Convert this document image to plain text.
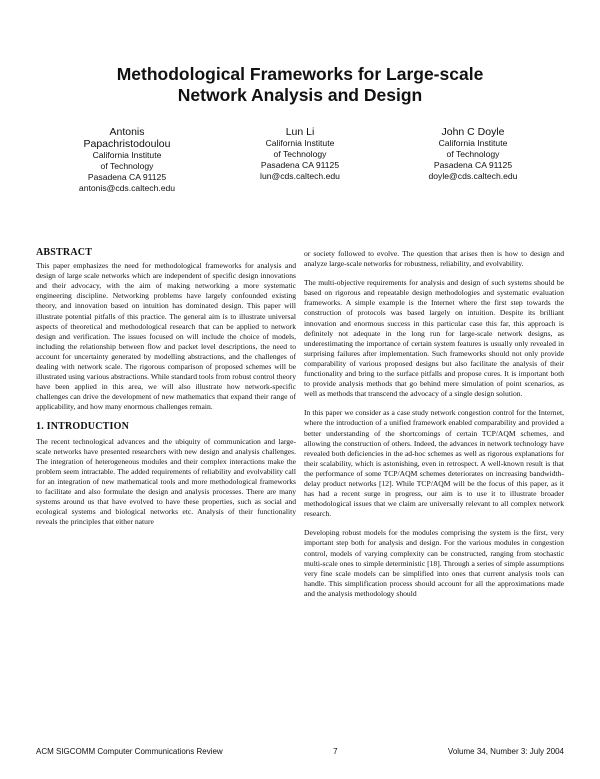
Methodological Frameworks for Large-scale
Network Analysis and Design
Antonis
Papachristodoulou
California Institute
of Technology
Pasadena CA 91125
antonis@cds.caltech.edu
Lun Li
California Institute
of Technology
Pasadena CA 91125
lun@cds.caltech.edu
John C Doyle
California Institute
of Technology
Pasadena CA 91125
doyle@cds.caltech.edu
ABSTRACT

This paper emphasizes the need for methodological frameworks for analysis and design of large scale networks which are independent of specific design innovations and their advocacy, with the aim of making networking a more systematic engineering discipline. Networking problems have largely confounded existing theory, and innovation based on intuition has dominated design. This paper will illustrate potential pitfalls of this practice. The general aim is to illustrate universal aspects of theoretical and methodological research that can be applied to network design and verification. The issues focused on will include the choice of models, including the relationship between flow and packet level descriptions, the need to account for uncertainty generated by modelling abstractions, and the challenges of dealing with network scale. The rigorous comparison of proposed schemes will be illustrated using various abstractions. While standard tools from robust control theory have been applied in this area, we will also illustrate how network-specific challenges can drive the development of new mathematics that expand their range of applicability, and how many enormous challenges remain.

1. INTRODUCTION

The recent technological advances and the ubiquity of communication and large-scale networks have presented researchers with new design and analysis challenges. The integration of heterogeneous modules and their complex interactions make the problem seem intractable. The added requirements of reliability and evolvability call for an integration of new mathematical tools and more methodological frameworks to facilitate and also formulate the design and analysis processes. There are many systems around us that have evolved to have these properties, such as social and ecological systems and biological networks etc. Analysis of their functionality reveals the principles that either nature

or society followed to evolve. The question that arises then is how to design and analyze large-scale networks for robustness, reliability, and evolvability.

The multi-objective requirements for analysis and design of such systems should be based on rigorous and repeatable design methodologies and systematic evaluation frameworks. A simple example is the Internet where the first step towards the construction of protocols was based largely on intuition. Despite its brilliant innovation and enormous success in this particular case this far, this approach is definitely not adequate in the long run for large-scale network designs, as underestimating the importance of certain system features is usually only revealed in surprising failures after implementation. Such frameworks should not only provide comparability of various proposed designs but also facilitate the analysis of their functionality and bring to the surface pitfalls and propose cures. It is important both to provide analysis methods that go behind mere simulation of point scenarios, as well as methods that transcend the advocacy of a single design solution.

In this paper we consider as a case study network congestion control for the Internet, where the introduction of a unified framework enabled comparability and provided a better understanding of the shortcomings of certain TCP/AQM schemes, and allowing the construction of others. Indeed, the advances in network technology have revealed both deficiencies in the ad-hoc schemes as well as rigorous explanations for their scalability, which is astonishing, even in retrospect. A well-known result is that the performance of some TCP/AQM schemes deteriorates on increasing bandwidth-delay product networks [12]. While TCP/AQM will be the focus of this paper, as it has had a recent surge in progress, our aim is to use it to illustrate broader methodological issues that we claim are universally relevant to all complex network research.

Developing robust models for the modules comprising the system is the first, very important step both for analysis and design. For the various modules in congestion control, models of varying complexity can be constructed, ranging from stochastic multi-scale ones to simple deterministic [18]. Through a series of simple assumptions very fine scale models can be simplified into ones that current analysis tools can handle. This simplification process should account for all the approximations made and the analysis methodology should

ACM SIGCOMM Computer Communications Review	7	Volume 34, Number 3: July 2004
